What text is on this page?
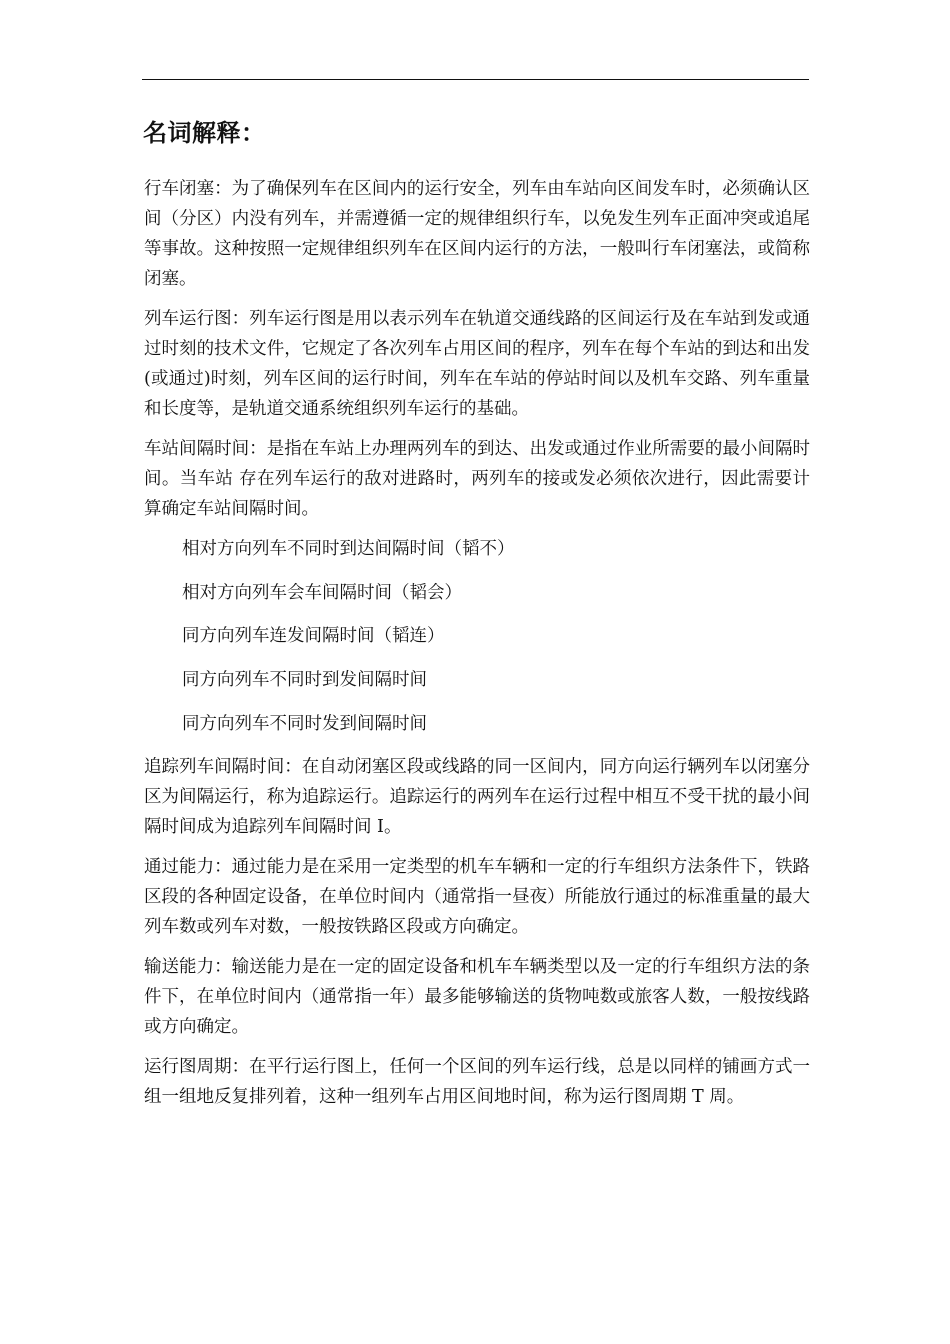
名词解释：

行车闭塞：为了确保列车在区间内的运行安全，列车由车站向区间发车时，必须确认区间（分区）内没有列车，并需遵循一定的规律组织行车，以免发生列车正面冲突或追尾等事故。这种按照一定规律组织列车在区间内运行的方法，一般叫行车闭塞法，或简称闭塞。

列车运行图：列车运行图是用以表示列车在轨道交通线路的区间运行及在车站到发或通过时刻的技术文件，它规定了各次列车占用区间的程序，列车在每个车站的到达和出发(或通过)时刻，列车区间的运行时间，列车在车站的停站时间以及机车交路、列车重量和长度等，是轨道交通系统组织列车运行的基础。

车站间隔时间：是指在车站上办理两列车的到达、出发或通过作业所需要的最小间隔时间。当车站 存在列车运行的敌对进路时，两列车的接或发必须依次进行，因此需要计算确定车站间隔时间。

相对方向列车不同时到达间隔时间（韬不）
相对方向列车会车间隔时间（韬会）
同方向列车连发间隔时间（韬连）
同方向列车不同时到发间隔时间
同方向列车不同时发到间隔时间

追踪列车间隔时间：在自动闭塞区段或线路的同一区间内，同方向运行辆列车以闭塞分区为间隔运行，称为追踪运行。追踪运行的两列车在运行过程中相互不受干扰的最小间隔时间成为追踪列车间隔时间 I。

通过能力：通过能力是在采用一定类型的机车车辆和一定的行车组织方法条件下，铁路区段的各种固定设备，在单位时间内（通常指一昼夜）所能放行通过的标准重量的最大列车数或列车对数，一般按铁路区段或方向确定。

输送能力：输送能力是在一定的固定设备和机车车辆类型以及一定的行车组织方法的条件下，在单位时间内（通常指一年）最多能够输送的货物吨数或旅客人数，一般按线路或方向确定。

运行图周期：在平行运行图上，任何一个区间的列车运行线，总是以同样的铺画方式一组一组地反复排列着，这种一组列车占用区间地时间，称为运行图周期 T 周。
